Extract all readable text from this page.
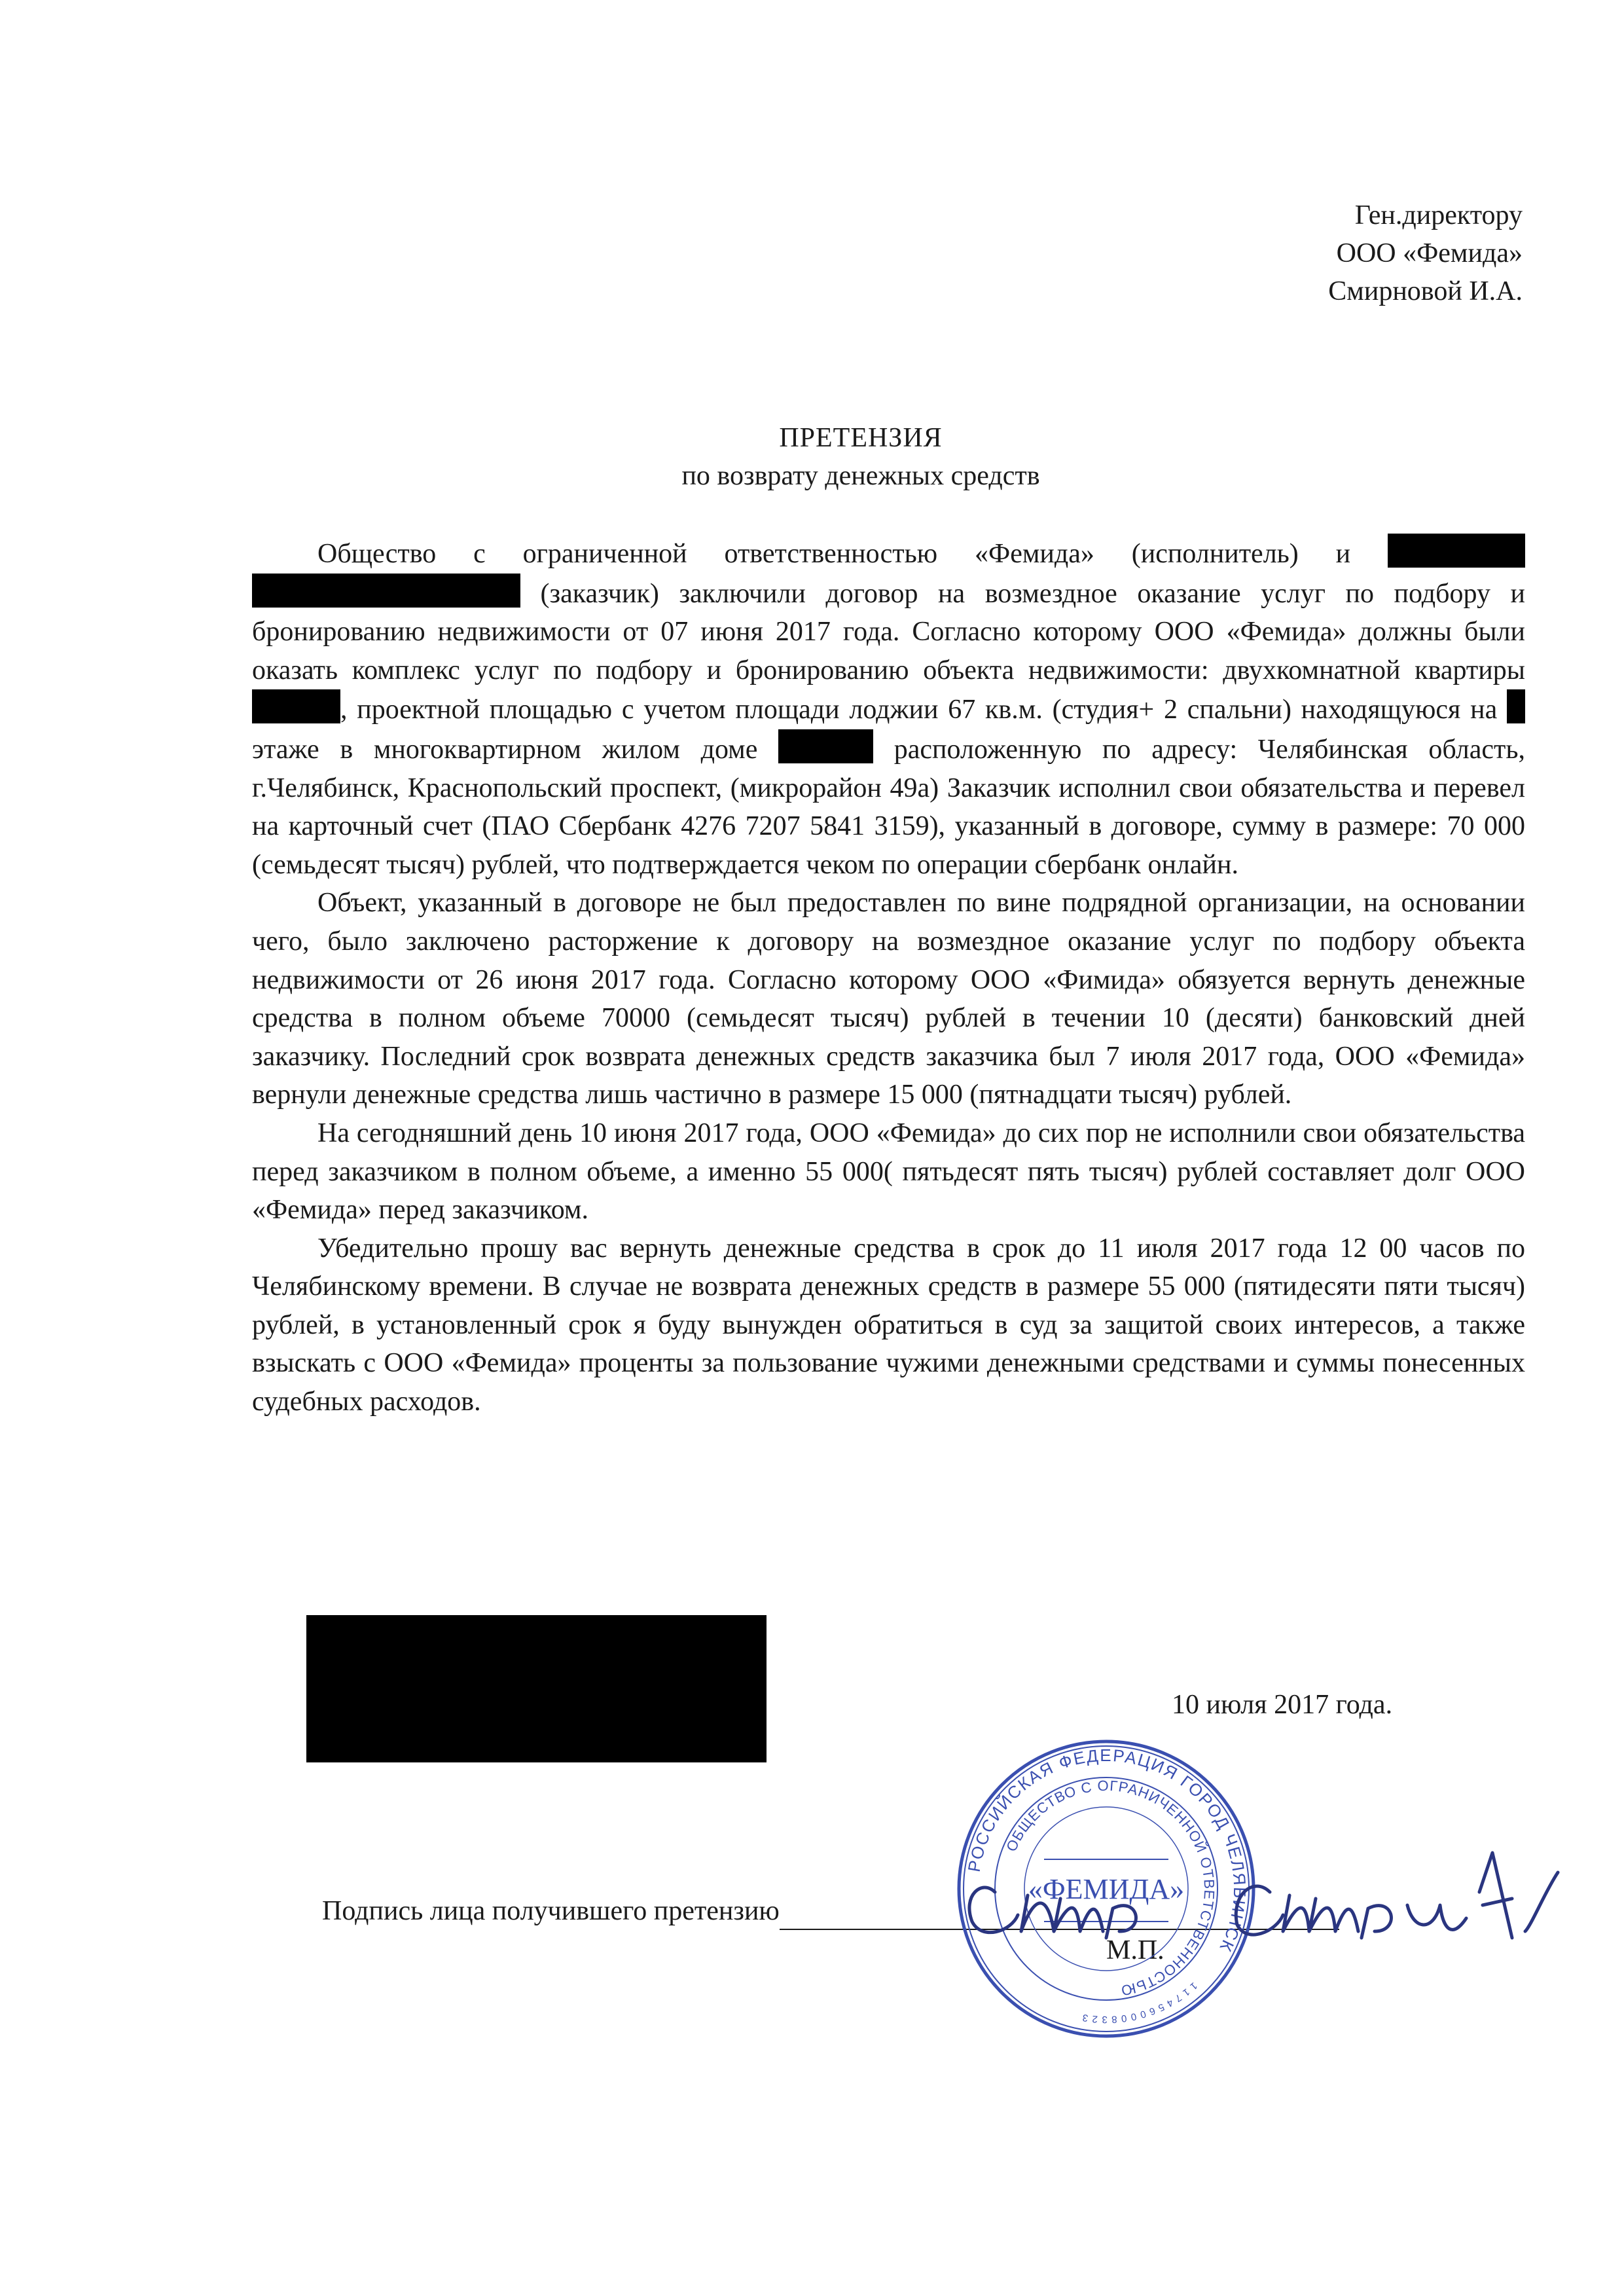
Ген.директору
ООО «Фемида»
Смирновой И.А.
ПРЕТЕНЗИЯ
по возврату денежных средств

Общество с ограниченной ответственностью «Фемида» (исполнитель) и   (заказчик) заключили договор на возмездное оказание услуг по подбору и бронированию недвижимости от 07 июня 2017 года. Согласно которому ООО «Фемида» должны были оказать комплекс услуг по подбору и бронированию объекта недвижимости: двухкомнатной квартиры , проектной площадью с учетом площади лоджии 67 кв.м. (студия+ 2 спальни) находящуюся на  этаже в многоквартирном жилом доме	расположенную по адресу: Челябинская область, г.Челябинск, Краснопольский проспект, (микрорайон 49а) Заказчик исполнил свои обязательства и перевел на карточный счет (ПАО Сбербанк 4276 7207 5841 3159), указанный в договоре, сумму в размере: 70 000 (семьдесят тысяч) рублей, что подтверждается чеком по операции сбербанк онлайн.

Объект, указанный в договоре не был предоставлен по вине подрядной организации, на основании чего, было заключено расторжение к договору на возмездное оказание услуг по подбору объекта недвижимости от 26 июня 2017 года. Согласно которому ООО «Фимида» обязуется вернуть денежные средства в полном объеме 70000 (семьдесят тысяч) рублей в течении 10 (десяти) банковский дней заказчику. Последний срок возврата денежных средств заказчика был 7 июля 2017 года, ООО «Фемида» вернули денежные средства лишь частично в размере 15 000 (пятнадцати тысяч) рублей.

На сегодняшний день 10 июня 2017 года, ООО «Фемида» до сих пор не исполнили свои обязательства перед заказчиком в полном объеме, а именно 55 000( пятьдесят пять тысяч) рублей составляет долг ООО «Фемида» перед заказчиком.

Убедительно прошу вас вернуть денежные средства в срок до 11 июля 2017 года 12 00 часов по Челябинскому времени. В случае не возврата денежных средств в размере 55 000 (пятидесяти пяти тысяч) рублей, в установленный срок я буду вынужден обратиться в суд за защитой своих интересов, а также взыскать с ООО «Фемида» проценты за пользование чужими денежными средствами и суммы понесенных судебных расходов.

10 июля 2017 года.
Подпись лица получившего претензию
М.П.
РОССИЙСКАЯ ФЕДЕРАЦИЯ ГОРОД ЧЕЛЯБИНСК
ОБЩЕСТВО С ОГРАНИЧЕННОЙ ОТВЕТСТВЕННОСТЬЮ	1 1 7 4 5 6 0 0 0 8 3 2 3
«ФЕМИДА»
